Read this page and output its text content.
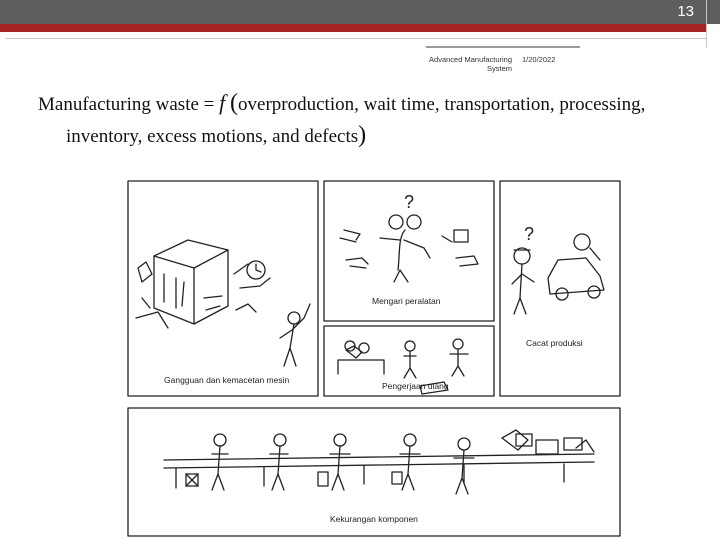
13
Advanced Manufacturing System
1/20/2022
Manufacturing waste = f (overproduction, wait time, transportation, processing,
inventory, excess motions, and defects)
?
?
Gangguan dan kemacetan mesin
Mengari peralatan
Pengerjaan ulang
Cacat produksi
Kekurangan komponen
